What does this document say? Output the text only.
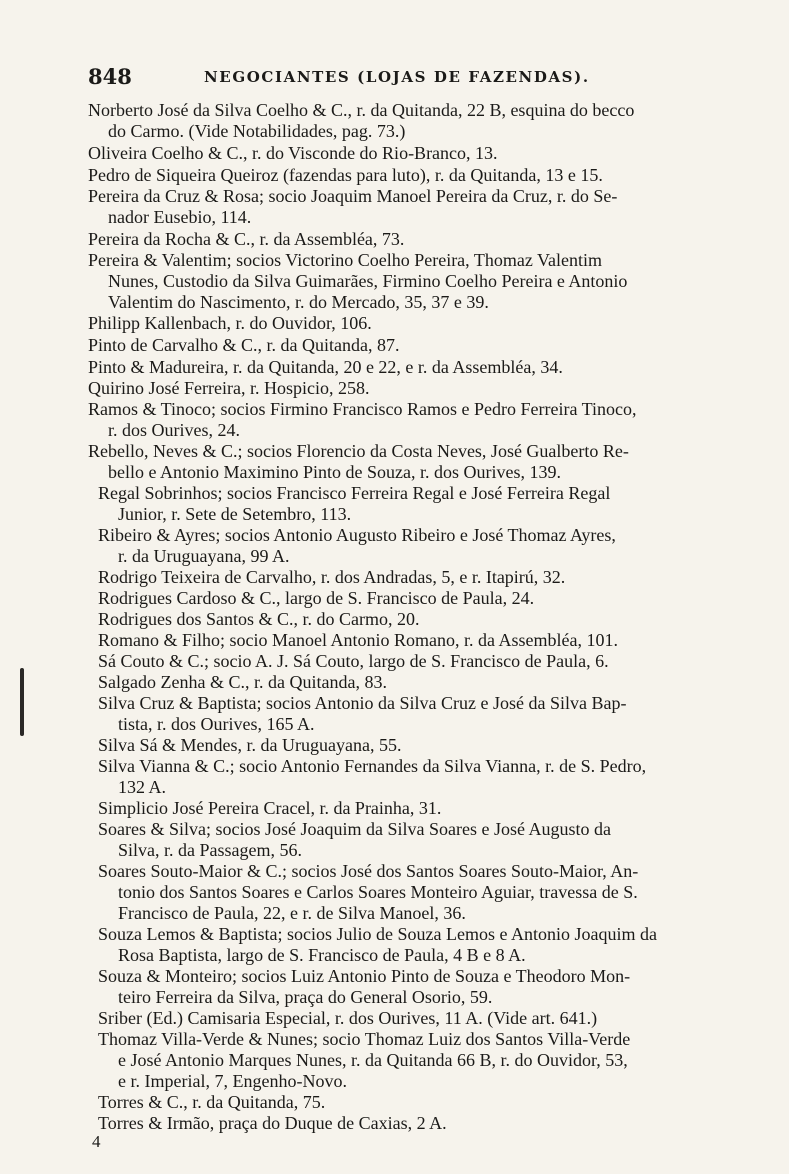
848	NEGOCIANTES (LOJAS DE FAZENDAS).
Norberto José da Silva Coelho & C., r. da Quitanda, 22 B, esquina do becco
do Carmo. (Vide Notabilidades, pag. 73.)
Oliveira Coelho & C., r. do Visconde do Rio-Branco, 13.
Pedro de Siqueira Queiroz (fazendas para luto), r. da Quitanda, 13 e 15.
Pereira da Cruz & Rosa; socio Joaquim Manoel Pereira da Cruz, r. do Se-
nador Eusebio, 114.
Pereira da Rocha & C., r. da Assembléa, 73.
Pereira & Valentim; socios Victorino Coelho Pereira, Thomaz Valentim
Nunes, Custodio da Silva Guimarães, Firmino Coelho Pereira e Antonio
Valentim do Nascimento, r. do Mercado, 35, 37 e 39.
Philipp Kallenbach, r. do Ouvidor, 106.
Pinto de Carvalho & C., r. da Quitanda, 87.
Pinto & Madureira, r. da Quitanda, 20 e 22, e r. da Assembléa, 34.
Quirino José Ferreira, r. Hospicio, 258.
Ramos & Tinoco; socios Firmino Francisco Ramos e Pedro Ferreira Tinoco,
r. dos Ourives, 24.
Rebello, Neves & C.; socios Florencio da Costa Neves, José Gualberto Re-
bello e Antonio Maximino Pinto de Souza, r. dos Ourives, 139.
Regal Sobrinhos; socios Francisco Ferreira Regal e José Ferreira Regal
Junior, r. Sete de Setembro, 113.
Ribeiro & Ayres; socios Antonio Augusto Ribeiro e José Thomaz Ayres,
r. da Uruguayana, 99 A.
Rodrigo Teixeira de Carvalho, r. dos Andradas, 5, e r. Itapirú, 32.
Rodrigues Cardoso & C., largo de S. Francisco de Paula, 24.
Rodrigues dos Santos & C., r. do Carmo, 20.
Romano & Filho; socio Manoel Antonio Romano, r. da Assembléa, 101.
Sá Couto & C.; socio A. J. Sá Couto, largo de S. Francisco de Paula, 6.
Salgado Zenha & C., r. da Quitanda, 83.
Silva Cruz & Baptista; socios Antonio da Silva Cruz e José da Silva Bap-
tista, r. dos Ourives, 165 A.
Silva Sá & Mendes, r. da Uruguayana, 55.
Silva Vianna & C.; socio Antonio Fernandes da Silva Vianna, r. de S. Pedro,
132 A.
Simplicio José Pereira Cracel, r. da Prainha, 31.
Soares & Silva; socios José Joaquim da Silva Soares e José Augusto da
Silva, r. da Passagem, 56.
Soares Souto-Maior & C.; socios José dos Santos Soares Souto-Maior, An-
tonio dos Santos Soares e Carlos Soares Monteiro Aguiar, travessa de S.
Francisco de Paula, 22, e r. de Silva Manoel, 36.
Souza Lemos & Baptista; socios Julio de Souza Lemos e Antonio Joaquim da
Rosa Baptista, largo de S. Francisco de Paula, 4 B e 8 A.
Souza & Monteiro; socios Luiz Antonio Pinto de Souza e Theodoro Mon-
teiro Ferreira da Silva, praça do General Osorio, 59.
Sriber (Ed.) Camisaria Especial, r. dos Ourives, 11 A. (Vide art. 641.)
Thomaz Villa-Verde & Nunes; socio Thomaz Luiz dos Santos Villa-Verde
e José Antonio Marques Nunes, r. da Quitanda 66 B, r. do Ouvidor, 53,
e r. Imperial, 7, Engenho-Novo.
Torres & C., r. da Quitanda, 75.
Torres & Irmão, praça do Duque de Caxias, 2 A.
4
